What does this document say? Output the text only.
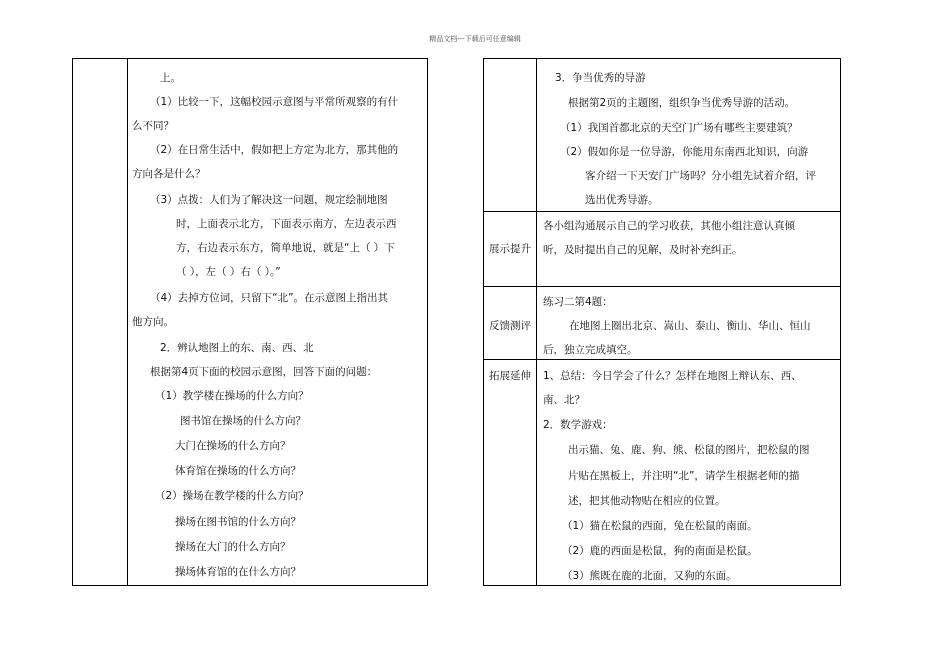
精品文档---下载后可任意编辑
上。
（1）比较一下，这幅校园示意图与平常所观察的有什
么不同？
（2）在日常生活中，假如把上方定为北方，那其他的
方向各是什么？
（3）点拨：人们为了解决这一问题，规定绘制地图
时，上面表示北方，下面表示南方，左边表示西
方，右边表示东方，简单地说，就是“上（ ）下
（ ），左（ ）右（ ）。”
（4）去掉方位词，只留下“北”。在示意图上指出其
他方向。
2．辨认地图上的东、南、西、北
根据第4页下面的校园示意图，回答下面的问题：
（1）教学楼在操场的什么方向？
图书馆在操场的什么方向？
大门在操场的什么方向？
体育馆在操场的什么方向？
（2）操场在教学楼的什么方向？
操场在图书馆的什么方向？
操场在大门的什么方向？
操场体育馆的在什么方向？
3．争当优秀的导游
根据第2页的主题图，组织争当优秀导游的活动。
（1）我国首都北京的天空门广场有哪些主要建筑？
（2）假如你是一位导游，你能用东南西北知识，向游
客介绍一下天安门广场吗？分小组先试着介绍，评
选出优秀导游。
展示提升
各小组沟通展示自己的学习收获，其他小组注意认真倾
听，及时提出自己的见解，及时补充纠正。
反馈测评
练习二第4题：
在地图上圈出北京、嵩山、泰山、衡山、华山、恒山
后，独立完成填空。
拓展延伸 1、总结：今日学会了什么？怎样在地图上辩认东、西、
南、北？
2．数学游戏：
出示猫、兔、鹿、狗、熊、松鼠的图片，把松鼠的图
片贴在黑板上，并注明“北”，请学生根据老师的描
述，把其他动物贴在相应的位置。
（1）猫在松鼠的西面，兔在松鼠的南面。
（2）鹿的西面是松鼠，狗的南面是松鼠。
（3）熊既在鹿的北面，又狗的东面。
